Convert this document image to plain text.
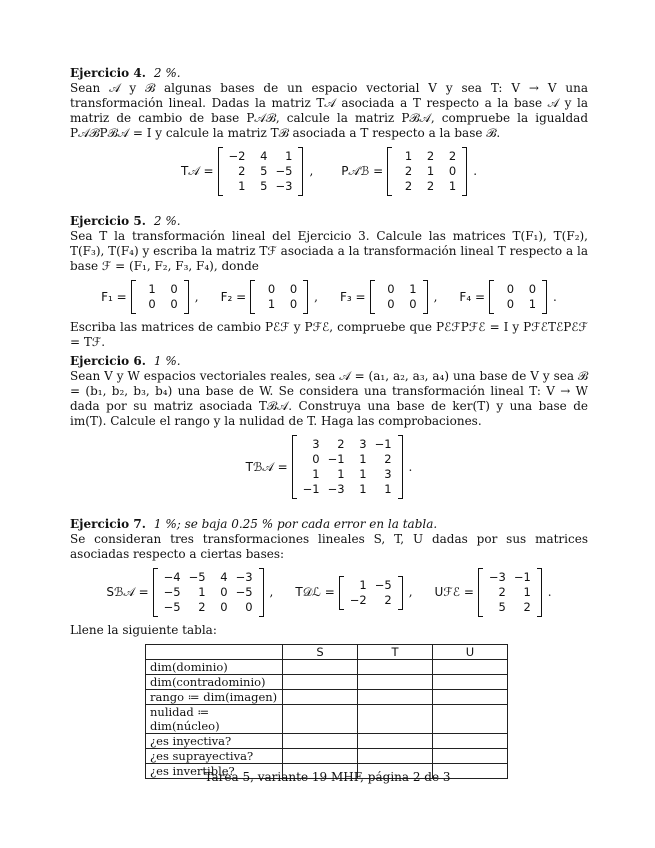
Ejercicio 4. 2 %.

Sean 𝒜 y ℬ algunas bases de un espacio vectorial V y sea T: V → V una transformación lineal. Dadas la matriz T𝒜 asociada a T respecto a la base 𝒜 y la matriz de cambio de base P𝒜ℬ, calcule la matriz Pℬ𝒜, compruebe la igualdad P𝒜ℬPℬ𝒜 = I y calcule la matriz Tℬ asociada a T respecto a la base ℬ.

T𝒜 =
−2	4	1
2	5 −5
1	5 −3
, P𝒜ℬ =
1	2	2
2	1	0
2	2	1
.

Ejercicio 5. 2 %.

Sea T la transformación lineal del Ejercicio 3. Calcule las matrices T(F₁), T(F₂), T(F₃), T(F₄) y escriba la matriz Tℱ asociada a la transformación lineal T respecto a la base ℱ = (F₁, F₂, F₃, F₄), donde

F₁ =
1	0
0	0
, F₂ =
0	0
1	0
, F₃ =
0	1
0	0
, F₄ =
0	0
0	1
.

Escriba las matrices de cambio Pℰℱ y Pℱℰ, compruebe que PℰℱPℱℰ = I y PℱℰTℰPℰℱ = Tℱ.

Ejercicio 6. 1 %.

Sean V y W espacios vectoriales reales, sea 𝒜 = (a₁, a₂, a₃, a₄) una base de V y sea ℬ = (b₁, b₂, b₃, b₄) una base de W. Se considera una transformación lineal T: V → W dada por su matriz asociada Tℬ𝒜. Construya una base de ker(T) y una base de im(T). Calcule el rango y la nulidad de T. Haga las comprobaciones.

Tℬ𝒜 =
3	2	3 −1
0 −1	1	2
1	1	1	3
−1 −3	1	1
.

Ejercicio 7. 1 %; se baja 0.25 % por cada error en la tabla.

Se consideran tres transformaciones lineales S, T, U dadas por sus matrices asociadas respecto a ciertas bases:

Sℬ𝒜 =
−4 −5	4 −3
−5	1	0 −5
−5	2	0	0
, T𝒟ℒ =
1 −5
−2	2
, Uℱℰ =
−3 −1
2	1
5	2
.

Llene la siguiente tabla:

	S	T	U
dim(dominio)			
dim(contradominio)			
rango ≔ dim(imagen)			
nulidad ≔ dim(núcleo)			
¿es inyectiva?			
¿es suprayectiva?			
¿es invertible?			
Tarea 5, variante 19 MHF, página 2 de 3
